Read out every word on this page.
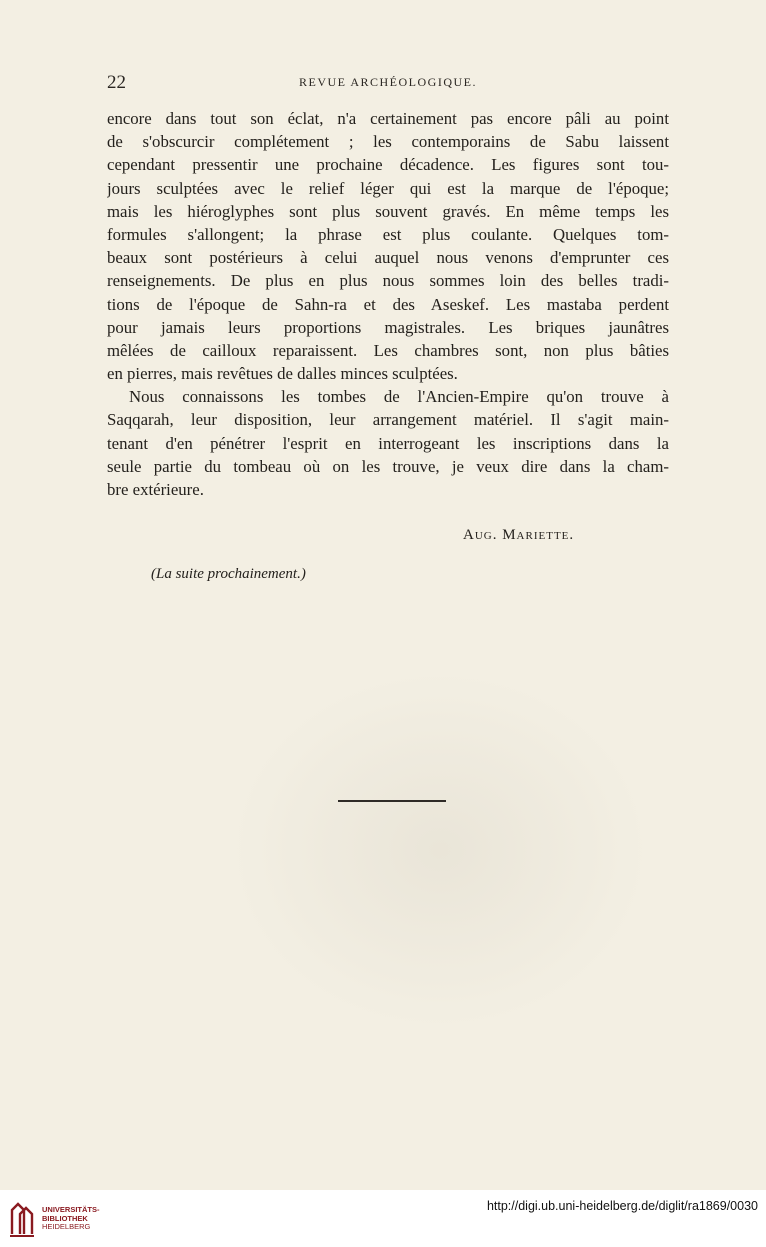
22	REVUE ARCHÉOLOGIQUE.
encore dans tout son éclat, n'a certainement pas encore pâli au point
de s'obscurcir complétement ; les contemporains de Sabu laissent
cependant pressentir une prochaine décadence. Les figures sont tou-
jours sculptées avec le relief léger qui est la marque de l'époque;
mais les hiéroglyphes sont plus souvent gravés. En même temps les
formules s'allongent; la phrase est plus coulante. Quelques tom-
beaux sont postérieurs à celui auquel nous venons d'emprunter ces
renseignements. De plus en plus nous sommes loin des belles tradi-
tions de l'époque de Sahn-ra et des Aseskef. Les mastaba perdent
pour jamais leurs proportions magistrales. Les briques jaunâtres
mêlées de cailloux reparaissent. Les chambres sont, non plus bâties
en pierres, mais revêtues de dalles minces sculptées.
Nous connaissons les tombes de l'Ancien-Empire qu'on trouve à
Saqqarah, leur disposition, leur arrangement matériel. Il s'agit main-
tenant d'en pénétrer l'esprit en interrogeant les inscriptions dans la
seule partie du tombeau où on les trouve, je veux dire dans la cham-
bre extérieure.
Aug. Mariette.
(La suite prochainement.)
UNIVERSITÄTS-
BIBLIOTHEK
HEIDELBERG
http://digi.ub.uni-heidelberg.de/diglit/ra1869/0030
